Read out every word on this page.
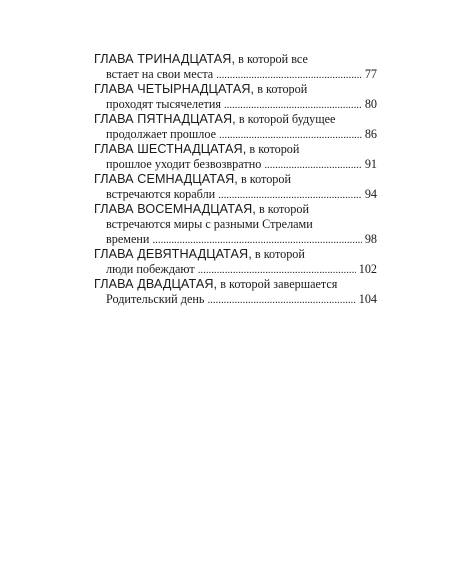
ГЛАВА ТРИНАДЦАТАЯ, в которой все
встает на свои места . . .	77
ГЛАВА ЧЕТЫРНАДЦАТАЯ, в которой
проходят тысячелетия . . .	80
ГЛАВА ПЯТНАДЦАТАЯ, в которой будущее
продолжает прошлое . . .	86
ГЛАВА ШЕСТНАДЦАТАЯ, в которой
прошлое уходит безвозвратно . . .	91
ГЛАВА СЕМНАДЦАТАЯ, в которой
встречаются корабли . . .	94
ГЛАВА ВОСЕМНАДЦАТАЯ, в которой
встречаются миры с разными Стрелами
времени . . .	98
ГЛАВА ДЕВЯТНАДЦАТАЯ, в которой
люди побеждают . . .	102
ГЛАВА ДВАДЦАТАЯ, в которой завершается
Родительский день . . .	104
